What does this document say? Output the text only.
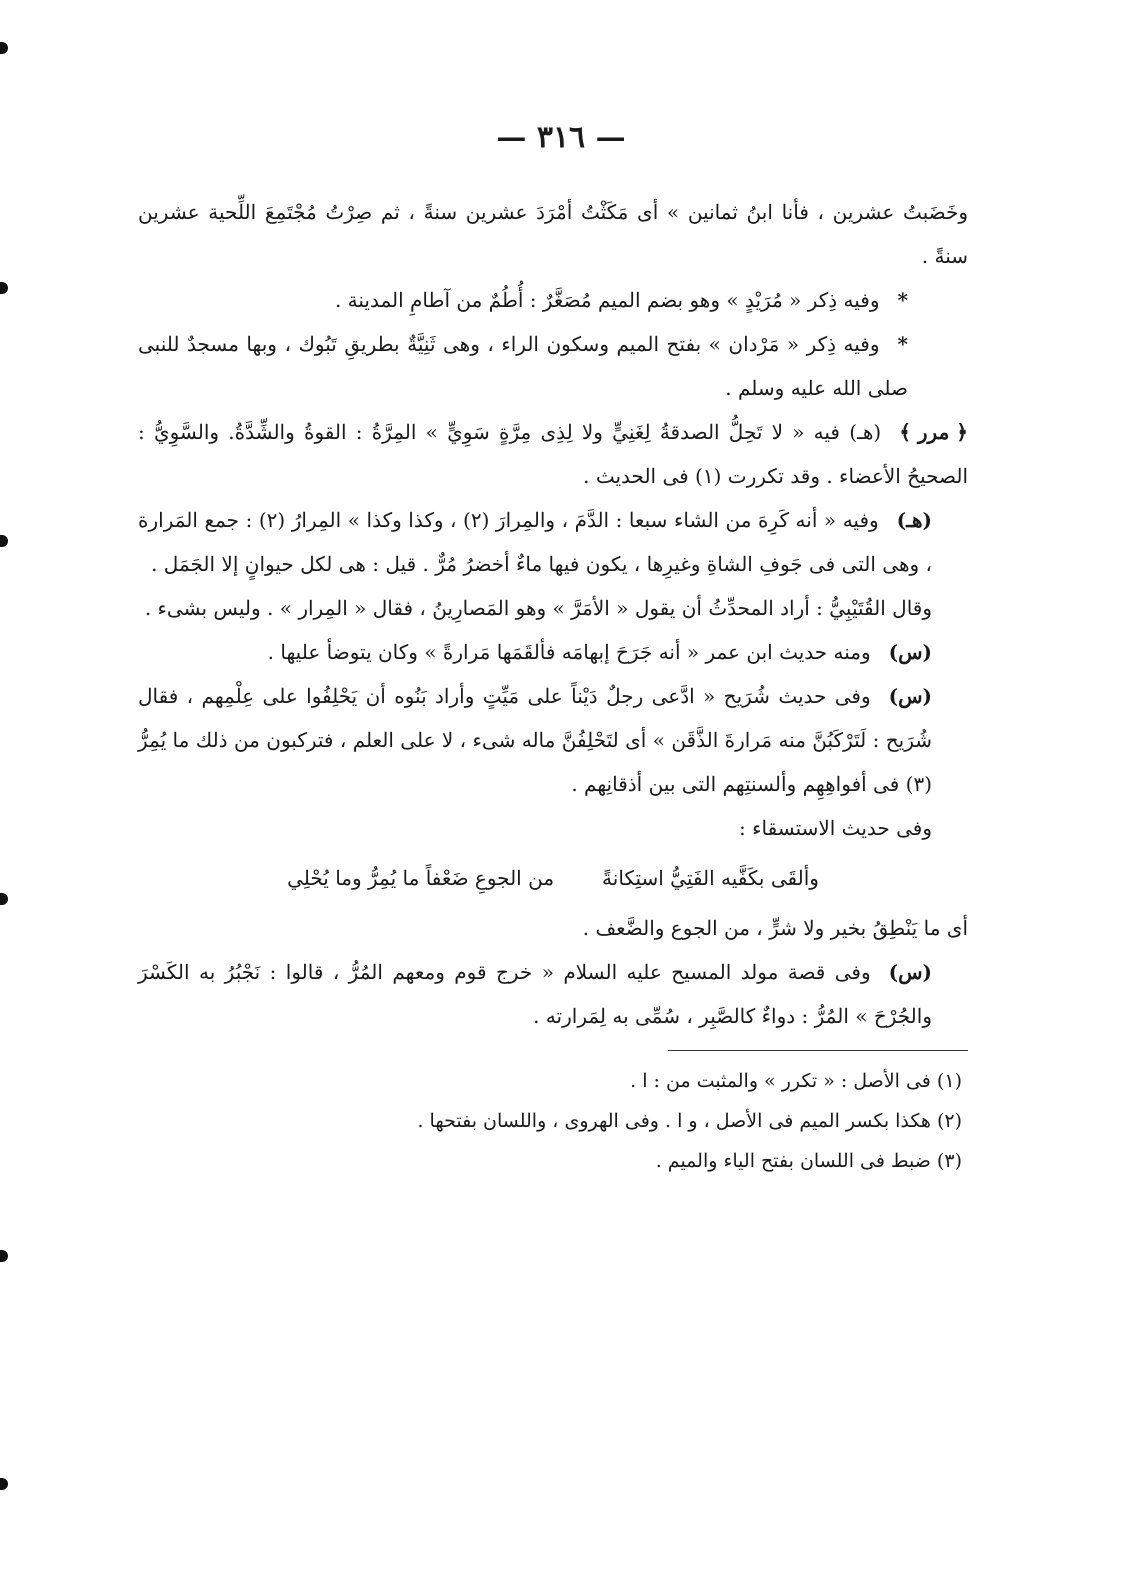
— ٣١٦ —

وخَضَبتُ عشرين ، فأنا ابنُ ثمانين » أى مَكَثْتُ أمْرَدَ عشرين سنةً ، ثم صِرْتُ مُجْتَمِعَ اللِّحية عشرين سنةً .

*وفيه ذِكر « مُرَيْدٍ » وهو بضم الميم مُصَغَّرٌ : أُطُمٌ من آطامِ المدينة .

*وفيه ذِكر « مَرْدان » بفتح الميم وسكون الراء ، وهى ثَنِيَّةٌ بطريقِ تَبُوك ، وبها مسجدٌ للنبى صلى الله عليه وسلم .

﴿ مرر ﴾(هـ) فيه « لا تَحِلُّ الصدقةُ لِغَنِيٍّ ولا لِذِى مِرَّةٍ سَوِيٍّ » المِرَّةُ : القوةُ والشِّدَّةُ. والسَّوِيُّ : الصحيحُ الأعضاء . وقد تكررت (١) فى الحديث .

(هـ)وفيه « أنه كَرِهَ من الشاء سبعا : الدَّمَ ، والمِرارَ (٢) ، وكذا وكذا » المِرارُ (٢) : جمع المَرارة ، وهى التى فى جَوفِ الشاةِ وغيرِها ، يكون فيها ماءٌ أخضرُ مُرٌّ . قيل : هى لكل حيوانٍ إلا الجَمَل .

وقال القُتَيْبِيُّ : أراد المحدِّثُ أن يقول « الأمَرَّ » وهو المَصارِينُ ، فقال « المِرار » . وليس بشىء .

(س)ومنه حديث ابن عمر « أنه جَرَحَ إبهامَه فألقَمَها مَرارةً » وكان يتوضأ عليها .

(س)وفى حديث شُرَيح « ادَّعى رجلٌ دَيْناً على مَيِّتٍ وأراد بَنُوه أن يَحْلِفُوا على عِلْمِهم ، فقال شُرَيح : لَتَرْكَبُنَّ منه مَرارةَ الذَّقَن » أى لتَحْلِفُنَّ ماله شىء ، لا على العلم ، فتركبون من ذلك ما يُمِرُّ (٣) فى أفواهِهِم وألسنتِهم التى بين أذقانِهم .

وفى حديث الاستسقاء :

وألقَى بكَفَّيه الفَتِيُّ استِكانةً
من الجوعِ ضَعْفاً ما يُمِرُّ وما يُحْلِي

أى ما يَنْطِقُ بخير ولا شرٍّ ، من الجوع والضَّعف .

(س)وفى قصة مولد المسيح عليه السلام « خرج قوم ومعهم المُرُّ ، قالوا : نَجْبُرُ به الكَسْرَ والجُرْحَ » المُرُّ : دواءٌ كالصَّبِر ، سُمِّى به لِمَرارته .

(١) فى الأصل : « تكرر » والمثبت من : ا .

(٢) هكذا بكسر الميم فى الأصل ، و ا . وفى الهروى ، واللسان بفتحها .

(٣) ضبط فى اللسان بفتح الياء والميم .
